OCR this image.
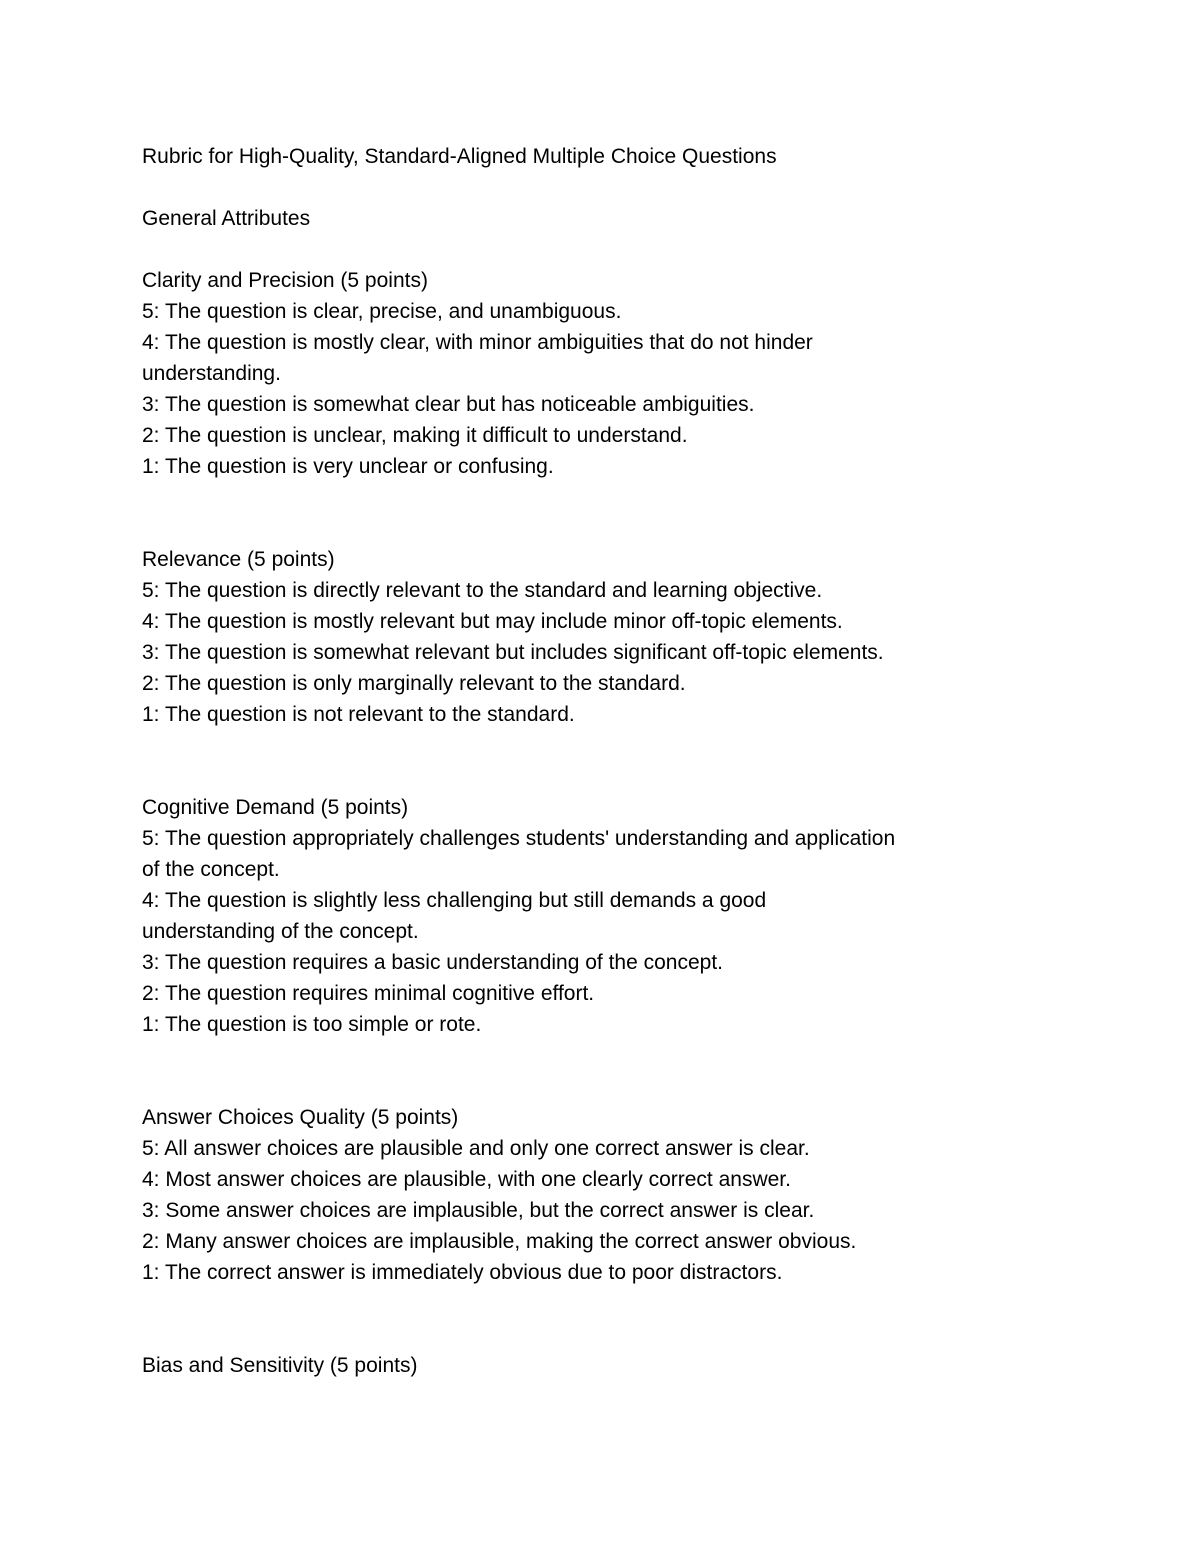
Rubric for High-Quality, Standard-Aligned Multiple Choice Questions
General Attributes
Clarity and Precision (5 points)
5: The question is clear, precise, and unambiguous.
4: The question is mostly clear, with minor ambiguities that do not hinder
understanding.
3: The question is somewhat clear but has noticeable ambiguities.
2: The question is unclear, making it difficult to understand.
1: The question is very unclear or confusing.
Relevance (5 points)
5: The question is directly relevant to the standard and learning objective.
4: The question is mostly relevant but may include minor off-topic elements.
3: The question is somewhat relevant but includes significant off-topic elements.
2: The question is only marginally relevant to the standard.
1: The question is not relevant to the standard.
Cognitive Demand (5 points)
5: The question appropriately challenges students' understanding and application
of the concept.
4: The question is slightly less challenging but still demands a good
understanding of the concept.
3: The question requires a basic understanding of the concept.
2: The question requires minimal cognitive effort.
1: The question is too simple or rote.
Answer Choices Quality (5 points)
5: All answer choices are plausible and only one correct answer is clear.
4: Most answer choices are plausible, with one clearly correct answer.
3: Some answer choices are implausible, but the correct answer is clear.
2: Many answer choices are implausible, making the correct answer obvious.
1: The correct answer is immediately obvious due to poor distractors.
Bias and Sensitivity (5 points)
